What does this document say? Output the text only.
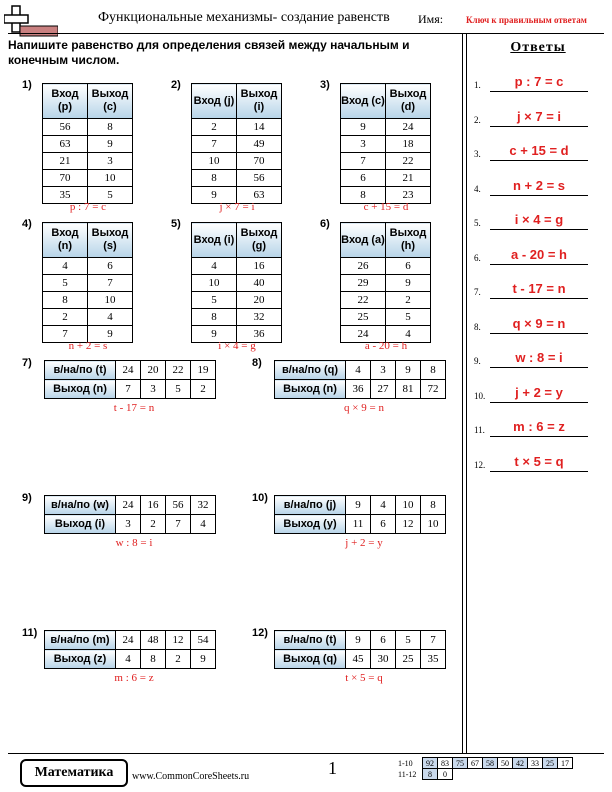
Функциональные механизмы- создание равенств Имя:	Ключ к правильным ответам
Напишите равенство для определения связей между начальным и конечным числом.
1)
Вход (p)	Выход (c)
56	8
63	9
21	3
70	10
35	5
p : 7 = c
2)
Вход (j)	Выход (i)
2	14
7	49
10	70
8	56
9	63
j × 7 = i
3)
Вход (c)	Выход (d)
9	24
3	18
7	22
6	21
8	23
c + 15 = d
4)
Вход (n)	Выход (s)
4	6
5	7
8	10
2	4
7	9
n + 2 = s
5)
Вход (i)	Выход (g)
4	16
10	40
5	20
8	32
9	36
i × 4 = g
6)
Вход (a)	Выход (h)
26	6
29	9
22	2
25	5
24	4
a - 20 = h
7)
в/на/по (t)	24	20	22	19
Выход (n)	7	3	5	2
t - 17 = n
8)
в/на/по (q)	4	3	9	8
Выход (n)	36	27	81	72
q × 9 = n
9)
в/на/по (w)	24	16	56	32
Выход (i)	3	2	7	4
w : 8 = i
10)
в/на/по (j)	9	4	10	8
Выход (y)	11	6	12	10
j + 2 = y
11)
в/на/по (m)	24	48	12	54
Выход (z)	4	8	2	9
m : 6 = z
12)
в/на/по (t)	9	6	5	7
Выход (q)	45	30	25	35
t × 5 = q
Ответы
1.	p : 7 = c
2.	j × 7 = i
3.	c + 15 = d
4.	n + 2 = s
5.	i × 4 = g
6.	a - 20 = h
7.	t - 17 = n
8.	q × 9 = n
9.	w : 8 = i
10.	j + 2 = y
11.	m : 6 = z
12.	t × 5 = q
Математика	www.CommonCoreSheets.ru	1	1-10	92	83	75	67	58	50	42	33	25	17
11-12	8	0								
